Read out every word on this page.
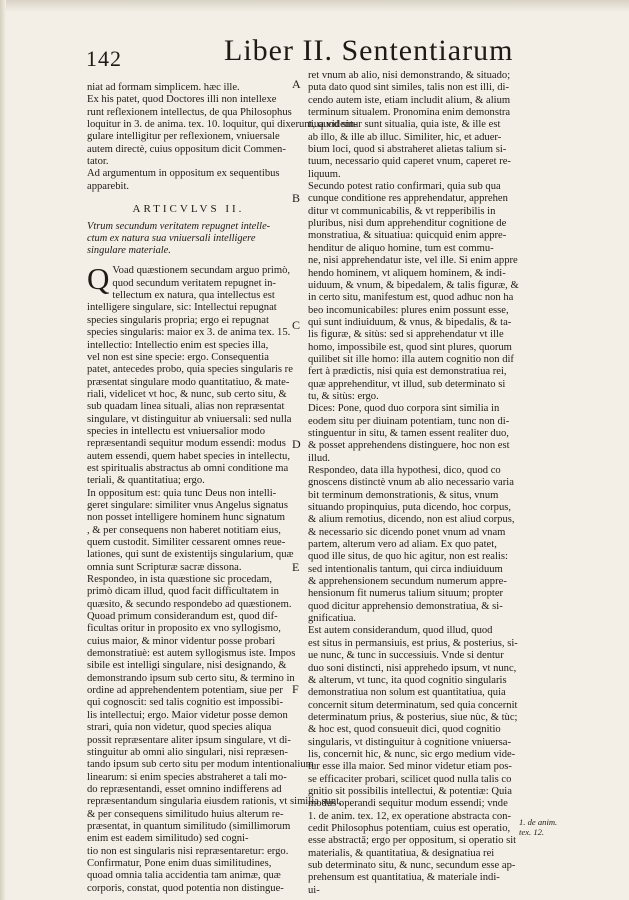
142	Liber II. Sententiarum
niat ad formam simplicem. hæc ille.
Ex his patet, quod Doctores illi non intellexe
runt reflexionem intellectus, de qua Philosophus
loquitur in 3. de anima. tex. 10. loquitur, qui dixerunt, quod sin-
gulare intelligitur per reflexionem, vniuersale
autem directè, cuius oppositum dicit Commen-
tator.
Ad argumentum in oppositum ex sequentibus
apparebit.
ARTICVLVS II.
Vtrum secundum veritatem repugnet intelle-
ctum ex natura sua vniuersali intelligere
singulare materiale.
Q Voad quæstionem secundam arguo primò,
quod secundum veritatem repugnet in-
tellectum ex natura, qua intellectus est
intelligere singulare, sic: Intellectui repugnat
species singularis propria; ergo ei repugnat
species singularis: maior ex 3. de anima tex. 15.
intellectio: Intellectio enim est species illa,
vel non est sine specie: ergo. Consequentia
patet, antecedes probo, quia species singularis re
præsentat singulare modo quantitatiuo, & mate-
riali, videlicet vt hoc, & nunc, sub certo situ, &
sub quadam linea situali, alias non repræsentat
singulare, vt distinguitur ab vniuersali: sed nulla
species in intellectu est vniuersalior modo
repræsentandi sequitur modum essendi: modus
autem essendi, quem habet species in intellectu,
est spiritualis abstractus ab omni conditione ma
teriali, & quantitatiua; ergo.
In oppositum est: quia tunc Deus non intelli-
geret singulare: similiter vnus Angelus signatus
non posset intelligere hominem hunc signatum
, & per consequens non haberet notitiam eius,
quem custodit. Similiter cessarent omnes reue-
lationes, qui sunt de existentijs singularium, quæ
omnia sunt Scripturæ sacræ dissona.
Respondeo, in ista quæstione sic procedam,
primò dicam illud, quod facit difficultatem in
quæsito, & secundo respondebo ad quæstionem.
Quoad primum considerandum est, quod dif-
ficultas oritur in proposito ex vno syllogismo,
cuius maior, & minor videntur posse probari
demonstratiuè: est autem syllogismus iste. Impos
sibile est intelligi singulare, nisi designando, &
demonstrando ipsum sub certo situ, & termino in
ordine ad apprehendentem potentiam, siue per
qui cognoscit: sed talis cognitio est impossibi-
lis intellectui; ergo. Maior videtur posse demon
strari, quia non videtur, quod species aliqua
possit repræsentare aliter ipsum singulare, vt di-
stinguitur ab omni alio singulari, nisi repræsen-
tando ipsum sub certo situ per modum intentionalium
linearum: si enim species abstraheret a tali mo-
do repræsentandi, esset omnino indifferens ad
repræsentandum singularia eiusdem rationis, vt similia sunt,
& per consequens similitudo huius alterum re-
præsentat, in quantum similitudo (simillimorum
enim est eadem similitudo) sed cogni-
tio non est singularis nisi repræsentaretur: ergo.
Confirmatur, Pone enim duas similitudines,
quoad omnia talia accidentia tam animæ, quæ
corporis, constat, quod potentia non distingue-
ret vnum ab alio, nisi demonstrando, & situado;
puta dato quod sint similes, talis non est illi, di-
cendo autem iste, etiam includit alium, & alium
terminum situalem. Pronomina enim demonstra
tiua videntur sunt situalia, quia iste, & ille est
ab illo, & ille ab illuc. Similiter, hic, et aduer-
bium loci, quod si abstraheret alietas talium si-
tuum, necessario quid caperet vnum, caperet re-
liquum.
Secundo potest ratio confirmari, quia sub qua
cunque conditione res apprehendatur, apprehen
ditur vt communicabilis, & vt repperibilis in
pluribus, nisi dum apprehenditur cognitione de
monstratiua, & situatiua: quicquid enim appre-
henditur de aliquo homine, tum est commu-
ne, nisi apprehendatur iste, vel ille. Si enim appre
hendo hominem, vt aliquem hominem, & indi-
uiduum, & vnum, & bipedalem, & talis figuræ, &
in certo situ, manifestum est, quod adhuc non ha
beo incomunicabiles: plures enim possunt esse,
qui sunt indiuiduum, & vnus, & bipedalis, & ta-
lis figuræ, & sitùs: sed si apprehendatur vt ille
homo, impossibile est, quod sint plures, quorum
quilibet sit ille homo: illa autem cognitio non dif
fert à prædictis, nisi quia est demonstratiua rei,
quæ apprehenditur, vt illud, sub determinato si
tu, & sitùs: ergo.
Dices: Pone, quod duo corpora sint similia in
eodem situ per diuinam potentiam, tunc non di-
stinguentur in situ, & tamen essent realiter duo,
& posset apprehendens distinguere, hoc non est
illud.
Respondeo, data illa hypothesi, dico, quod co
gnoscens distinctè vnum ab alio necessario varia
bit terminum demonstrationis, & situs, vnum
situando propinquius, puta dicendo, hoc corpus,
& alium remotius, dicendo, non est aliud corpus,
& necessario sic dicendo ponet vnum ad vnam
partem, alterum vero ad aliam. Ex quo patet,
quod ille situs, de quo hic agitur, non est realis:
sed intentionalis tantum, qui circa indiuiduum
& apprehensionem secundum numerum appre-
hensionum fit numerus talium situum; propter
quod dicitur apprehensio demonstratiua, & si-
gnificatiua.
Est autem considerandum, quod illud, quod
est situs in permansiuis, est prius, & posterius, si-
ue nunc, & tunc in successiuis. Vnde si dentur
duo soni distincti, nisi apprehedo ipsum, vt nunc,
& alterum, vt tunc, ita quod cognitio singularis
demonstratiua non solum est quantitatiua, quia
concernit situm determinatum, sed quia concernit
determinatum prius, & posterius, siue nùc, & tùc;
& hoc est, quod consueuit dici, quod cognitio
singularis, vt distinguitur à cognitione vniuersa-
lis, concernit hic, & nunc, sic ergo medium vide-
tur esse illa maior. Sed minor videtur etiam pos-
se efficaciter probari, scilicet quod nulla talis co
gnitio sit possibilis intellectui, & potentiæ: Quia
modus operandi sequitur modum essendi; vnde
1. de anim. tex. 12, ex operatione abstracta con-
cedit Philosophus potentiam, cuius est operatio,
esse abstractā; ergo per oppositum, si operatio sit
materialis, & quantitatiua, & designatiua rei
sub determinato situ, & nunc, secundum esse ap-
prehensum est quantitatiua, & materiale indi-
ui-
A
B
C
D
E
F
1. de anim.
tex. 12.
